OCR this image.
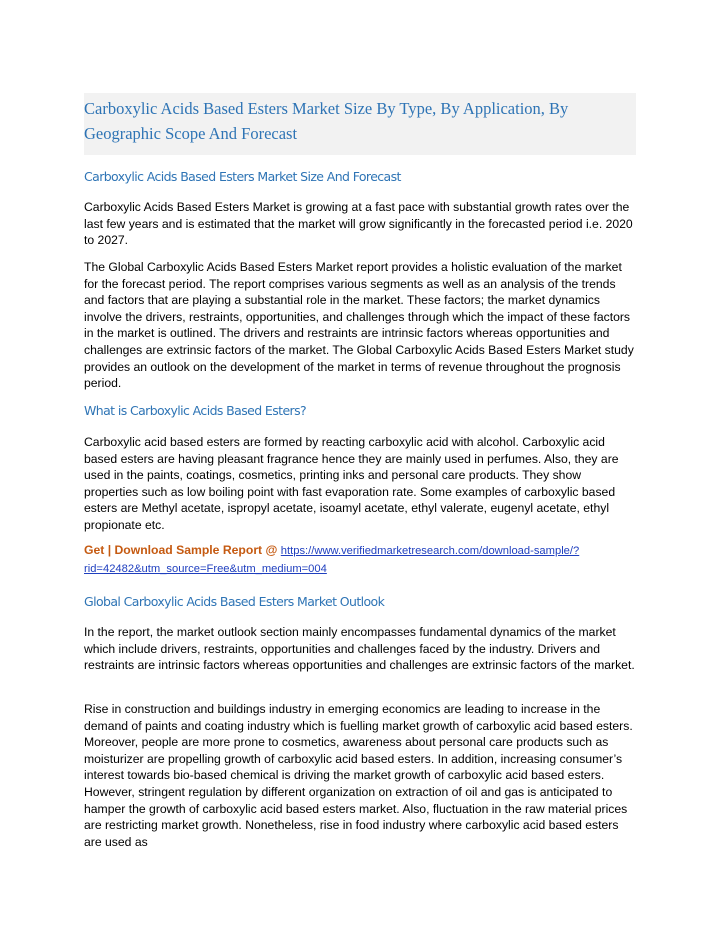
Carboxylic Acids Based Esters Market Size By Type, By Application, By Geographic Scope And Forecast
Carboxylic Acids Based Esters Market Size And Forecast

Carboxylic Acids Based Esters Market is growing at a fast pace with substantial growth rates over the last few years and is estimated that the market will grow significantly in the forecasted period i.e. 2020 to 2027.

The Global Carboxylic Acids Based Esters Market report provides a holistic evaluation of the market for the forecast period. The report comprises various segments as well as an analysis of the trends and factors that are playing a substantial role in the market. These factors; the market dynamics involve the drivers, restraints, opportunities, and challenges through which the impact of these factors in the market is outlined. The drivers and restraints are intrinsic factors whereas opportunities and challenges are extrinsic factors of the market. The Global Carboxylic Acids Based Esters Market study provides an outlook on the development of the market in terms of revenue throughout the prognosis period.

What is Carboxylic Acids Based Esters?

Carboxylic acid based esters are formed by reacting carboxylic acid with alcohol. Carboxylic acid based esters are having pleasant fragrance hence they are mainly used in perfumes. Also, they are used in the paints, coatings, cosmetics, printing inks and personal care products. They show properties such as low boiling point with fast evaporation rate. Some examples of carboxylic based esters are Methyl acetate, ispropyl acetate, isoamyl acetate, ethyl valerate, eugenyl acetate, ethyl propionate etc.

Get | Download Sample Report @ https://www.verifiedmarketresearch.com/download-sample/?rid=42482&utm_source=Free&utm_medium=004
Global Carboxylic Acids Based Esters Market Outlook

In the report, the market outlook section mainly encompasses fundamental dynamics of the market which include drivers, restraints, opportunities and challenges faced by the industry. Drivers and restraints are intrinsic factors whereas opportunities and challenges are extrinsic factors of the market.

Rise in construction and buildings industry in emerging economics are leading to increase in the demand of paints and coating industry which is fuelling market growth of carboxylic acid based esters. Moreover, people are more prone to cosmetics, awareness about personal care products such as moisturizer are propelling growth of carboxylic acid based esters. In addition, increasing consumer’s interest towards bio-based chemical is driving the market growth of carboxylic acid based esters. However, stringent regulation by different organization on extraction of oil and gas is anticipated to hamper the growth of carboxylic acid based esters market. Also, fluctuation in the raw material prices are restricting market growth. Nonetheless, rise in food industry where carboxylic acid based esters are used as
